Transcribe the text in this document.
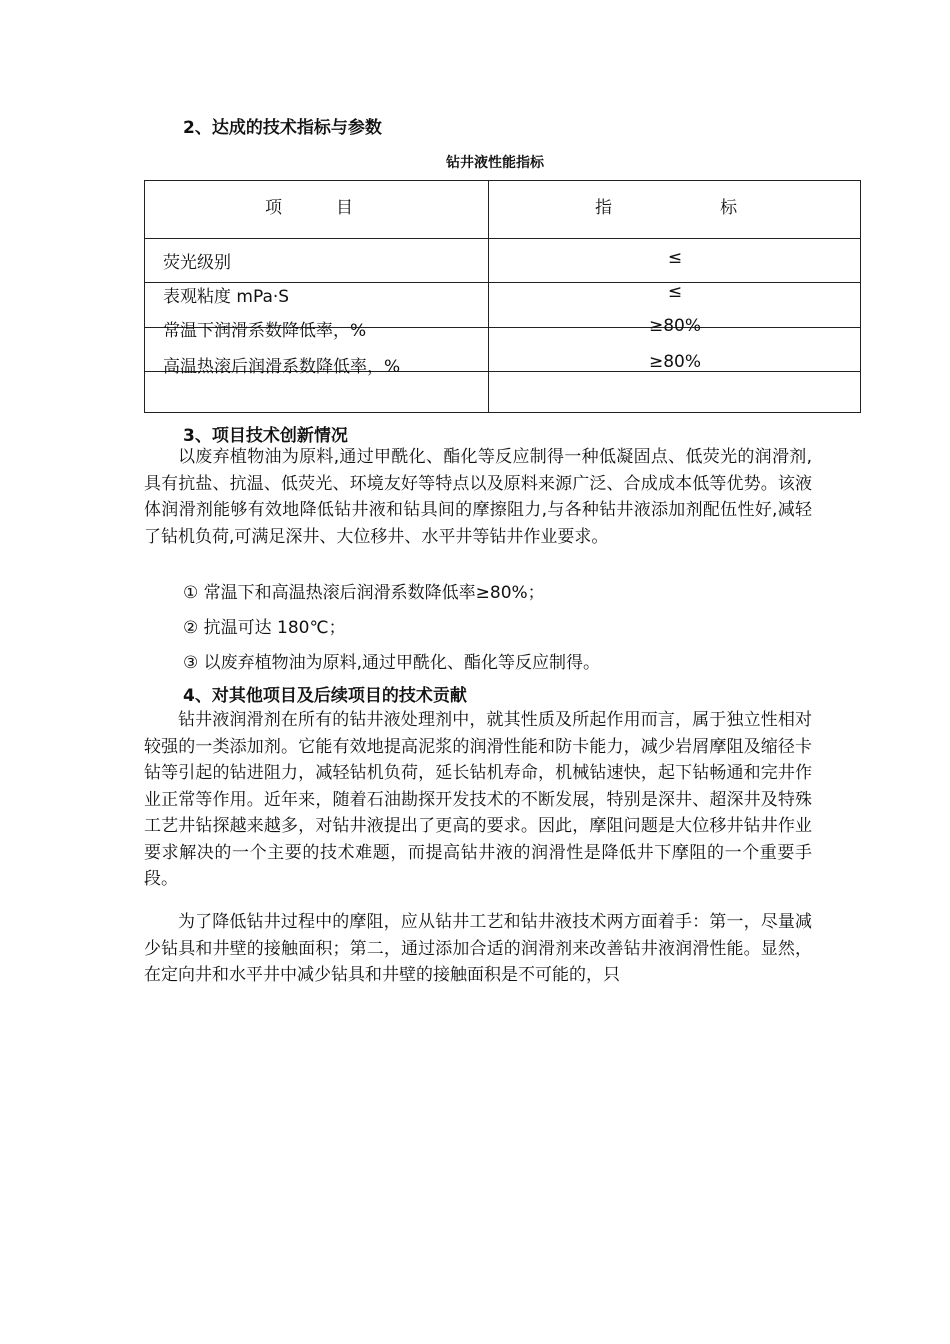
2、达成的技术指标与参数

钻井液性能指标

项          目	指                    标
荧光级别	≤
表观粘度 mPa·S	≤
常温下润滑系数降低率，%	≥80%
高温热滚后润滑系数降低率，%	≥80%
3、项目技术创新情况

以废弃植物油为原料,通过甲酰化、酯化等反应制得一种低凝固点、低荧光的润滑剂,具有抗盐、抗温、低荧光、环境友好等特点以及原料来源广泛、合成成本低等优势。该液体润滑剂能够有效地降低钻井液和钻具间的摩擦阻力,与各种钻井液添加剂配伍性好,减轻了钻机负荷,可满足深井、大位移井、水平井等钻井作业要求。

① 常温下和高温热滚后润滑系数降低率≥80%；

② 抗温可达 180℃；

③ 以废弃植物油为原料,通过甲酰化、酯化等反应制得。

4、对其他项目及后续项目的技术贡献

钻井液润滑剂在所有的钻井液处理剂中，就其性质及所起作用而言，属于独立性相对较强的一类添加剂。它能有效地提高泥浆的润滑性能和防卡能力，减少岩屑摩阻及缩径卡钻等引起的钻进阻力，减轻钻机负荷，延长钻机寿命，机械钻速快，起下钻畅通和完井作业正常等作用。近年来，随着石油勘探开发技术的不断发展，特别是深井、超深井及特殊工艺井钻探越来越多，对钻井液提出了更高的要求。因此，摩阻问题是大位移井钻井作业要求解决的一个主要的技术难题，而提高钻井液的润滑性是降低井下摩阻的一个重要手段。

为了降低钻井过程中的摩阻，应从钻井工艺和钻井液技术两方面着手：第一，尽量减少钻具和井壁的接触面积；第二，通过添加合适的润滑剂来改善钻井液润滑性能。显然，在定向井和水平井中减少钻具和井壁的接触面积是不可能的，只
